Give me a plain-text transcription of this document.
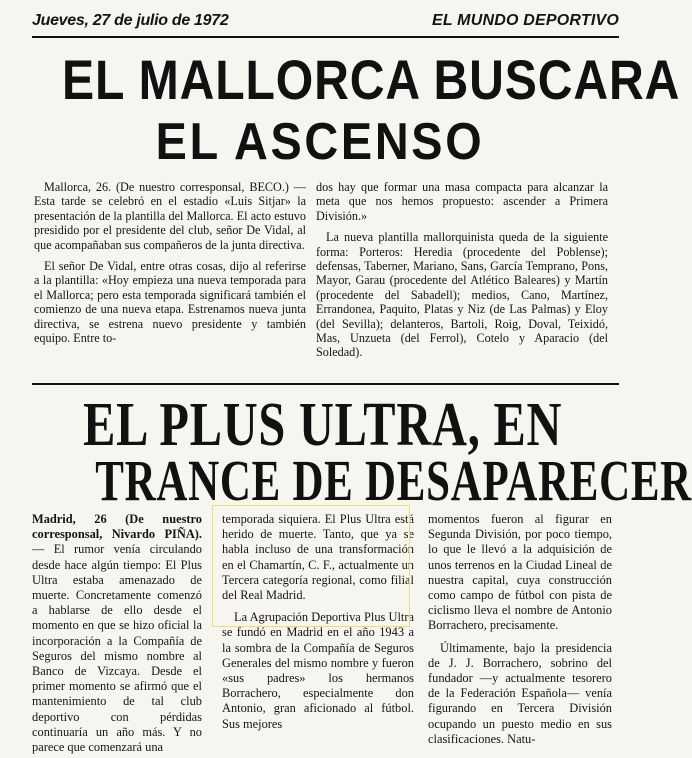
Jueves, 27 de julio de 1972	EL MUNDO DEPORTIVO
EL MALLORCA BUSCARA
EL ASCENSO

Mallorca, 26. (De nuestro corresponsal, BECO.) — Esta tarde se celebró en el estadio «Luis Sitjar» la presentación de la plantilla del Mallorca. El acto estuvo presidido por el presidente del club, señor De Vidal, al que acompañaban sus compañeros de la junta directiva.

El señor De Vidal, entre otras cosas, dijo al referirse a la plantilla: «Hoy empieza una nueva temporada para el Mallorca; pero esta temporada significará también el comienzo de una nueva etapa. Estrenamos nueva junta directiva, se estrena nuevo presidente y también equipo. Entre to-

dos hay que formar una masa compacta para alcanzar la meta que nos hemos propuesto: ascender a Primera División.»

La nueva plantilla mallorquinista queda de la siguiente forma: Porteros: Heredia (procedente del Poblense); defensas, Taberner, Mariano, Sans, García Temprano, Pons, Mayor, Garau (procedente del Atlético Baleares) y Martín (procedente del Sabadell); medios, Cano, Martínez, Errandonea, Paquito, Platas y Niz (de Las Palmas) y Eloy (del Sevilla); delanteros, Bartoli, Roig, Doval, Teixidó, Mas, Unzueta (del Ferrol), Cotelo y Aparacio (del Soledad).

EL PLUS ULTRA, EN
TRANCE DE DESAPARECER

Madrid, 26 (De nuestro corresponsal, Nivardo PIÑA). — El rumor venía circulando desde hace algún tiempo: El Plus Ultra estaba amenazado de muerte. Concretamente comenzó a hablarse de ello desde el momento en que se hizo oficial la incorporación a la Compañía de Seguros del mismo nombre al Banco de Vizcaya. Desde el primer momento se afirmó que el mantenimiento de tal club deportivo con pérdidas continuaría un año más. Y no parece que comenzará una

temporada siquiera. El Plus Ultra está herido de muerte. Tanto, que ya se habla incluso de una transformación en el Chamartín, C. F., actualmente un Tercera categoría regional, como filial del Real Madrid.

La Agrupación Deportiva Plus Ultra se fundó en Madrid en el año 1943 a la sombra de la Compañía de Seguros Generales del mismo nombre y fueron «sus padres» los hermanos Borrachero, especialmente don Antonio, gran aficionado al fútbol. Sus mejores

momentos fueron al figurar en Segunda División, por poco tiempo, lo que le llevó a la adquisición de unos terrenos en la Ciudad Lineal de nuestra capital, cuya construcción como campo de fútbol con pista de ciclismo lleva el nombre de Antonio Borrachero, precisamente.

Últimamente, bajo la presidencia de J. J. Borrachero, sobrino del fundador —y actualmente tesorero de la Federación Española— venía figurando en Tercera División ocupando un puesto medio en sus clasificaciones. Natu-
